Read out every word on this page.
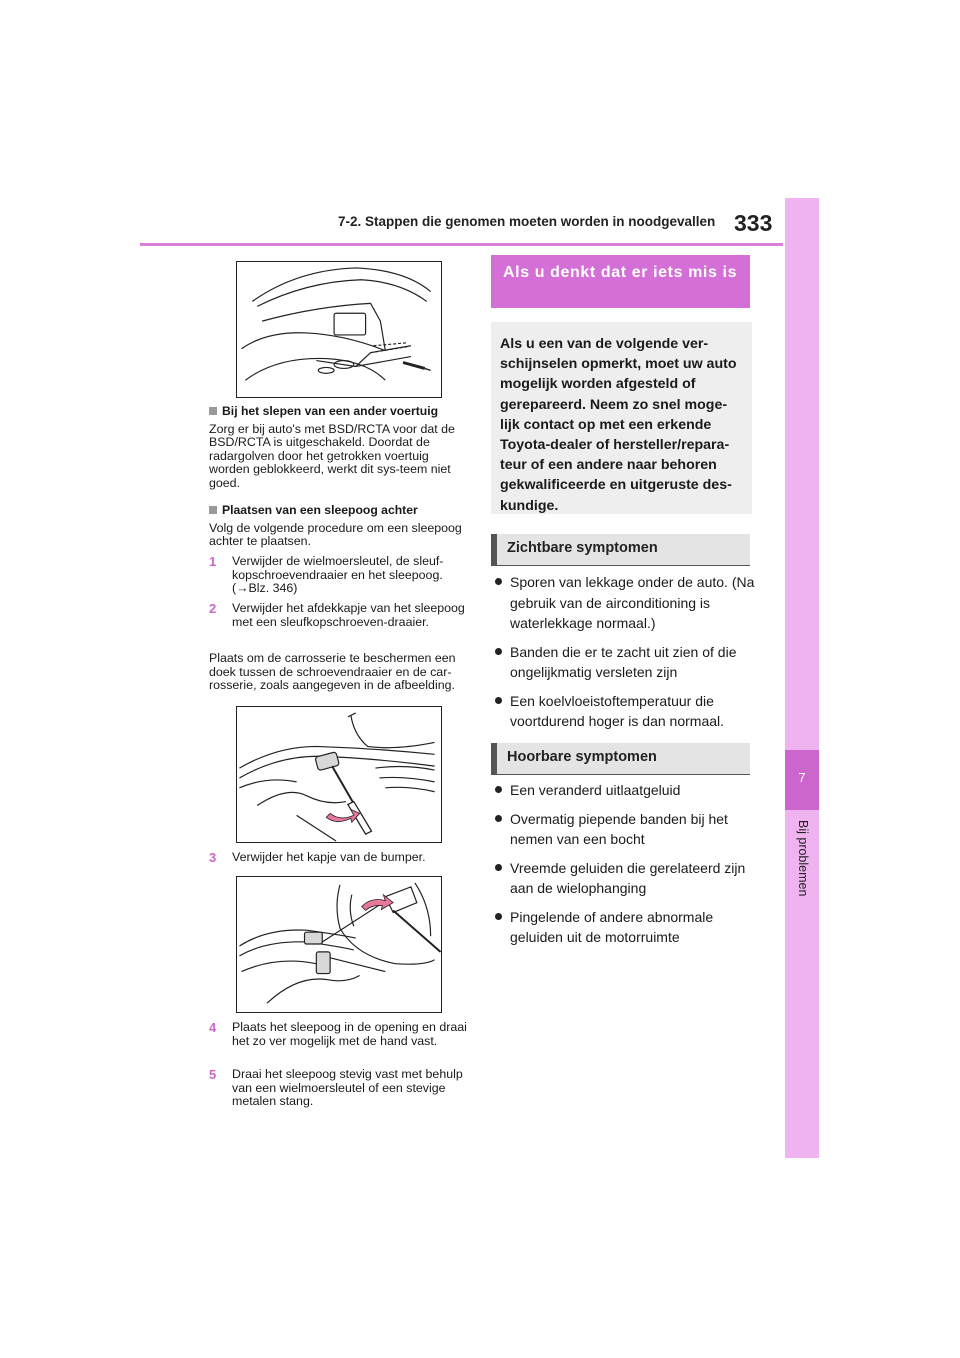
7-2. Stappen die genomen moeten worden in noodgevallen 333
7
Bij problemen
Bij het slepen van een ander voertuig
Zorg er bij auto's met BSD/RCTA voor dat de BSD/RCTA is uitgeschakeld. Doordat de radargolven door het getrokken voertuig worden geblokkeerd, werkt dit sys-teem niet goed.
Plaatsen van een sleepoog achter
Volg de volgende procedure om een sleepoog achter te plaatsen.
1 Verwijder de wielmoersleutel, de sleuf-kopschroevendraaier en het sleepoog. (→Blz. 346)
2 Verwijder het afdekkapje van het sleepoog met een sleufkopschroeven-draaier.
Plaats om de carrosserie te beschermen een doek tussen de schroevendraaier en de car-rosserie, zoals aangegeven in de afbeelding.
3 Verwijder het kapje van de bumper.
4 Plaats het sleepoog in de opening en draai het zo ver mogelijk met de hand vast.
5 Draai het sleepoog stevig vast met behulp van een wielmoersleutel of een stevige metalen stang.
Als u denkt dat er iets mis is

Als u een van de volgende ver-schijnselen opmerkt, moet uw auto mogelijk worden afgesteld of gerepareerd. Neem zo snel moge-lijk contact op met een erkende Toyota-dealer of hersteller/repara-teur of een andere naar behoren gekwalificeerde en uitgeruste des-kundige.

Zichtbare symptomen
Sporen van lekkage onder de auto. (Na gebruik van de airconditioning is waterlekkage normaal.)
Banden die er te zacht uit zien of die ongelijkmatig versleten zijn
Een koelvloeistoftemperatuur die voortdurend hoger is dan normaal.
Hoorbare symptomen
Een veranderd uitlaatgeluid
Overmatig piepende banden bij het nemen van een bocht
Vreemde geluiden die gerelateerd zijn aan de wielophanging
Pingelende of andere abnormale geluiden uit de motorruimte
